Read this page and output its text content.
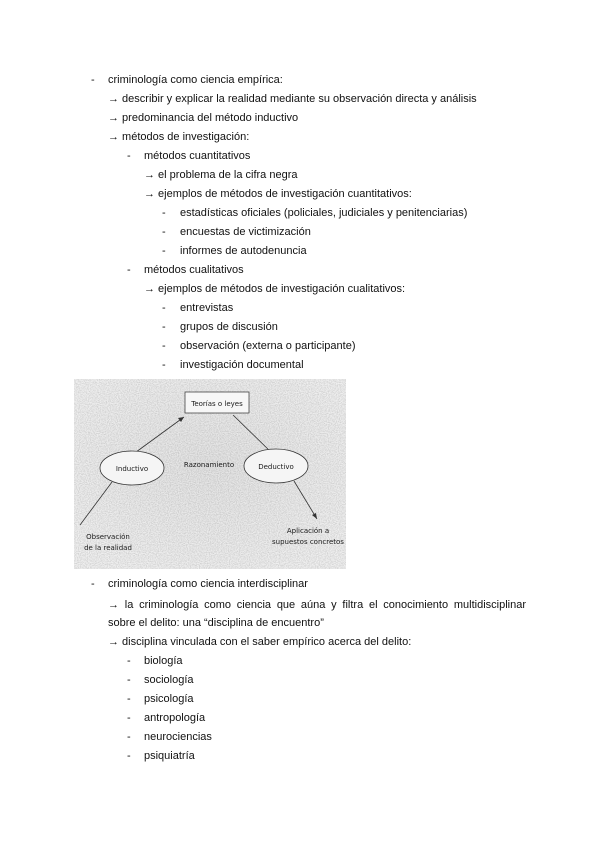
- criminología como ciencia empírica:
→ describir y explicar la realidad mediante su observación directa y análisis
→ predominancia del método inductivo
→ métodos de investigación:
- métodos cuantitativos
→ el problema de la cifra negra
→ ejemplos de métodos de investigación cuantitativos:
- estadísticas oficiales (policiales, judiciales y penitenciarias)
- encuestas de victimización
- informes de autodenuncia
- métodos cualitativos
→ ejemplos de métodos de investigación cualitativos:
- entrevistas
- grupos de discusión
- observación (externa o participante)
- investigación documental
Teorías o leyes
Inductivo	Razonamiento	Deductivo
Observación
de la realidad
Aplicación a
supuestos concretos
- criminología como ciencia interdisciplinar
→ la criminología como ciencia que aúna y filtra el conocimiento multidisciplinar
sobre el delito: una “disciplina de encuentro”
→ disciplina vinculada con el saber empírico acerca del delito:
- biología
- sociología
- psicología
- antropología
- neurociencias
- psiquiatría
